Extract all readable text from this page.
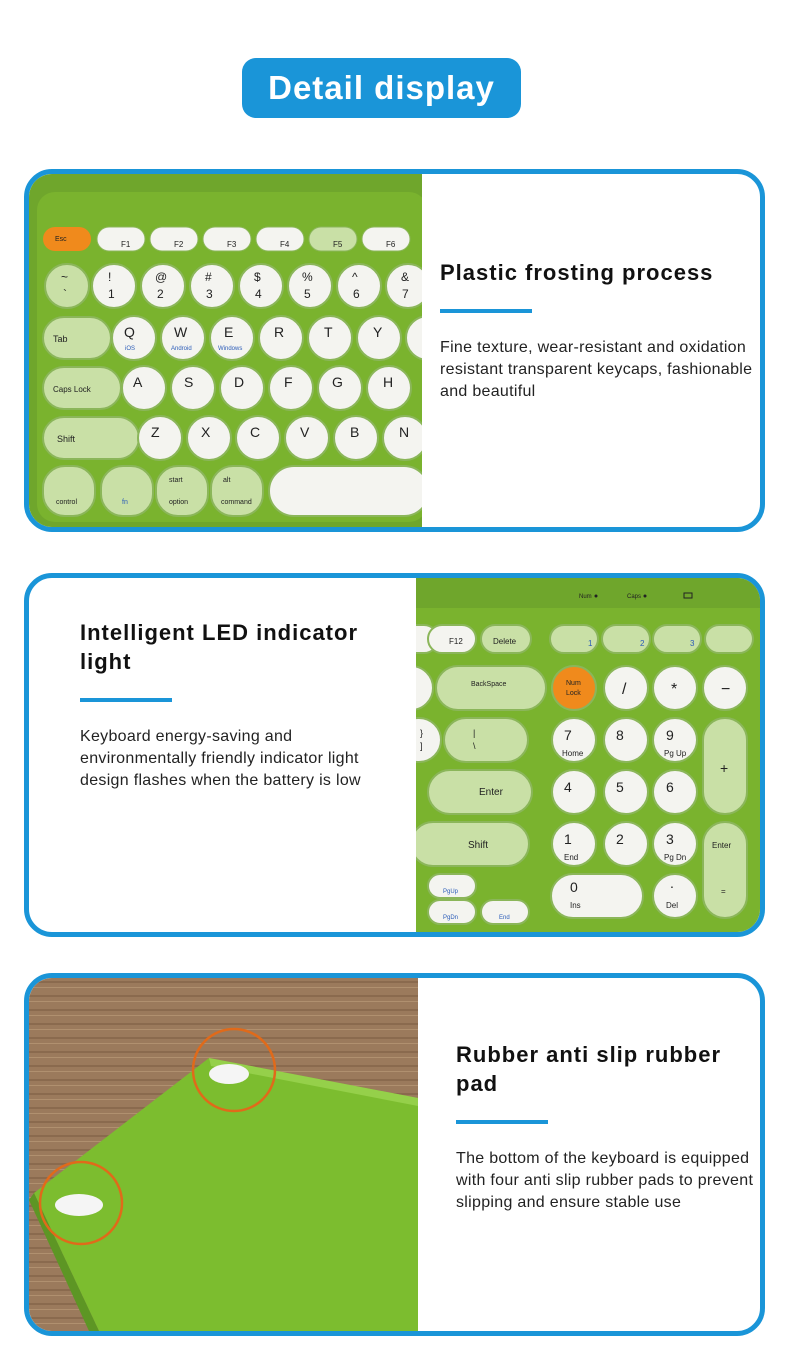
Detail display
Esc
F1	F2	F3	F4	F5	F6
~
`
!
1
@
2
#
3
$
4
%
5
^
6
&
7
Tab	Q	W	E	R	T	Y
iOS	Android	Windows
Caps Lock	A	S	D	F	G	H
Shift	Z	X	C	V	B	N
control	fn
start
option
alt
command

Plastic frosting process

Fine texture, wear-resistant and oxidation resistant transparent keycaps, fashionable and beautiful

Intelligent LED indicator light

Keyboard energy-saving and environmentally friendly indicator light design flashes when the battery is low

Num	Caps
F12	Delete	1	2	3
BackSpace	Num
Lock	/	*	−
}
]
|
\
Enter
Shift
PgUp
PgDn	End
7	8	9
4	5	6
1	2	3
0	.
+
Home	Pg Up
End	Pg Dn
Ins	Del
Enter
=

Rubber anti slip rubber pad

The bottom of the keyboard is equipped with four anti slip rubber pads to prevent slipping and ensure stable use
